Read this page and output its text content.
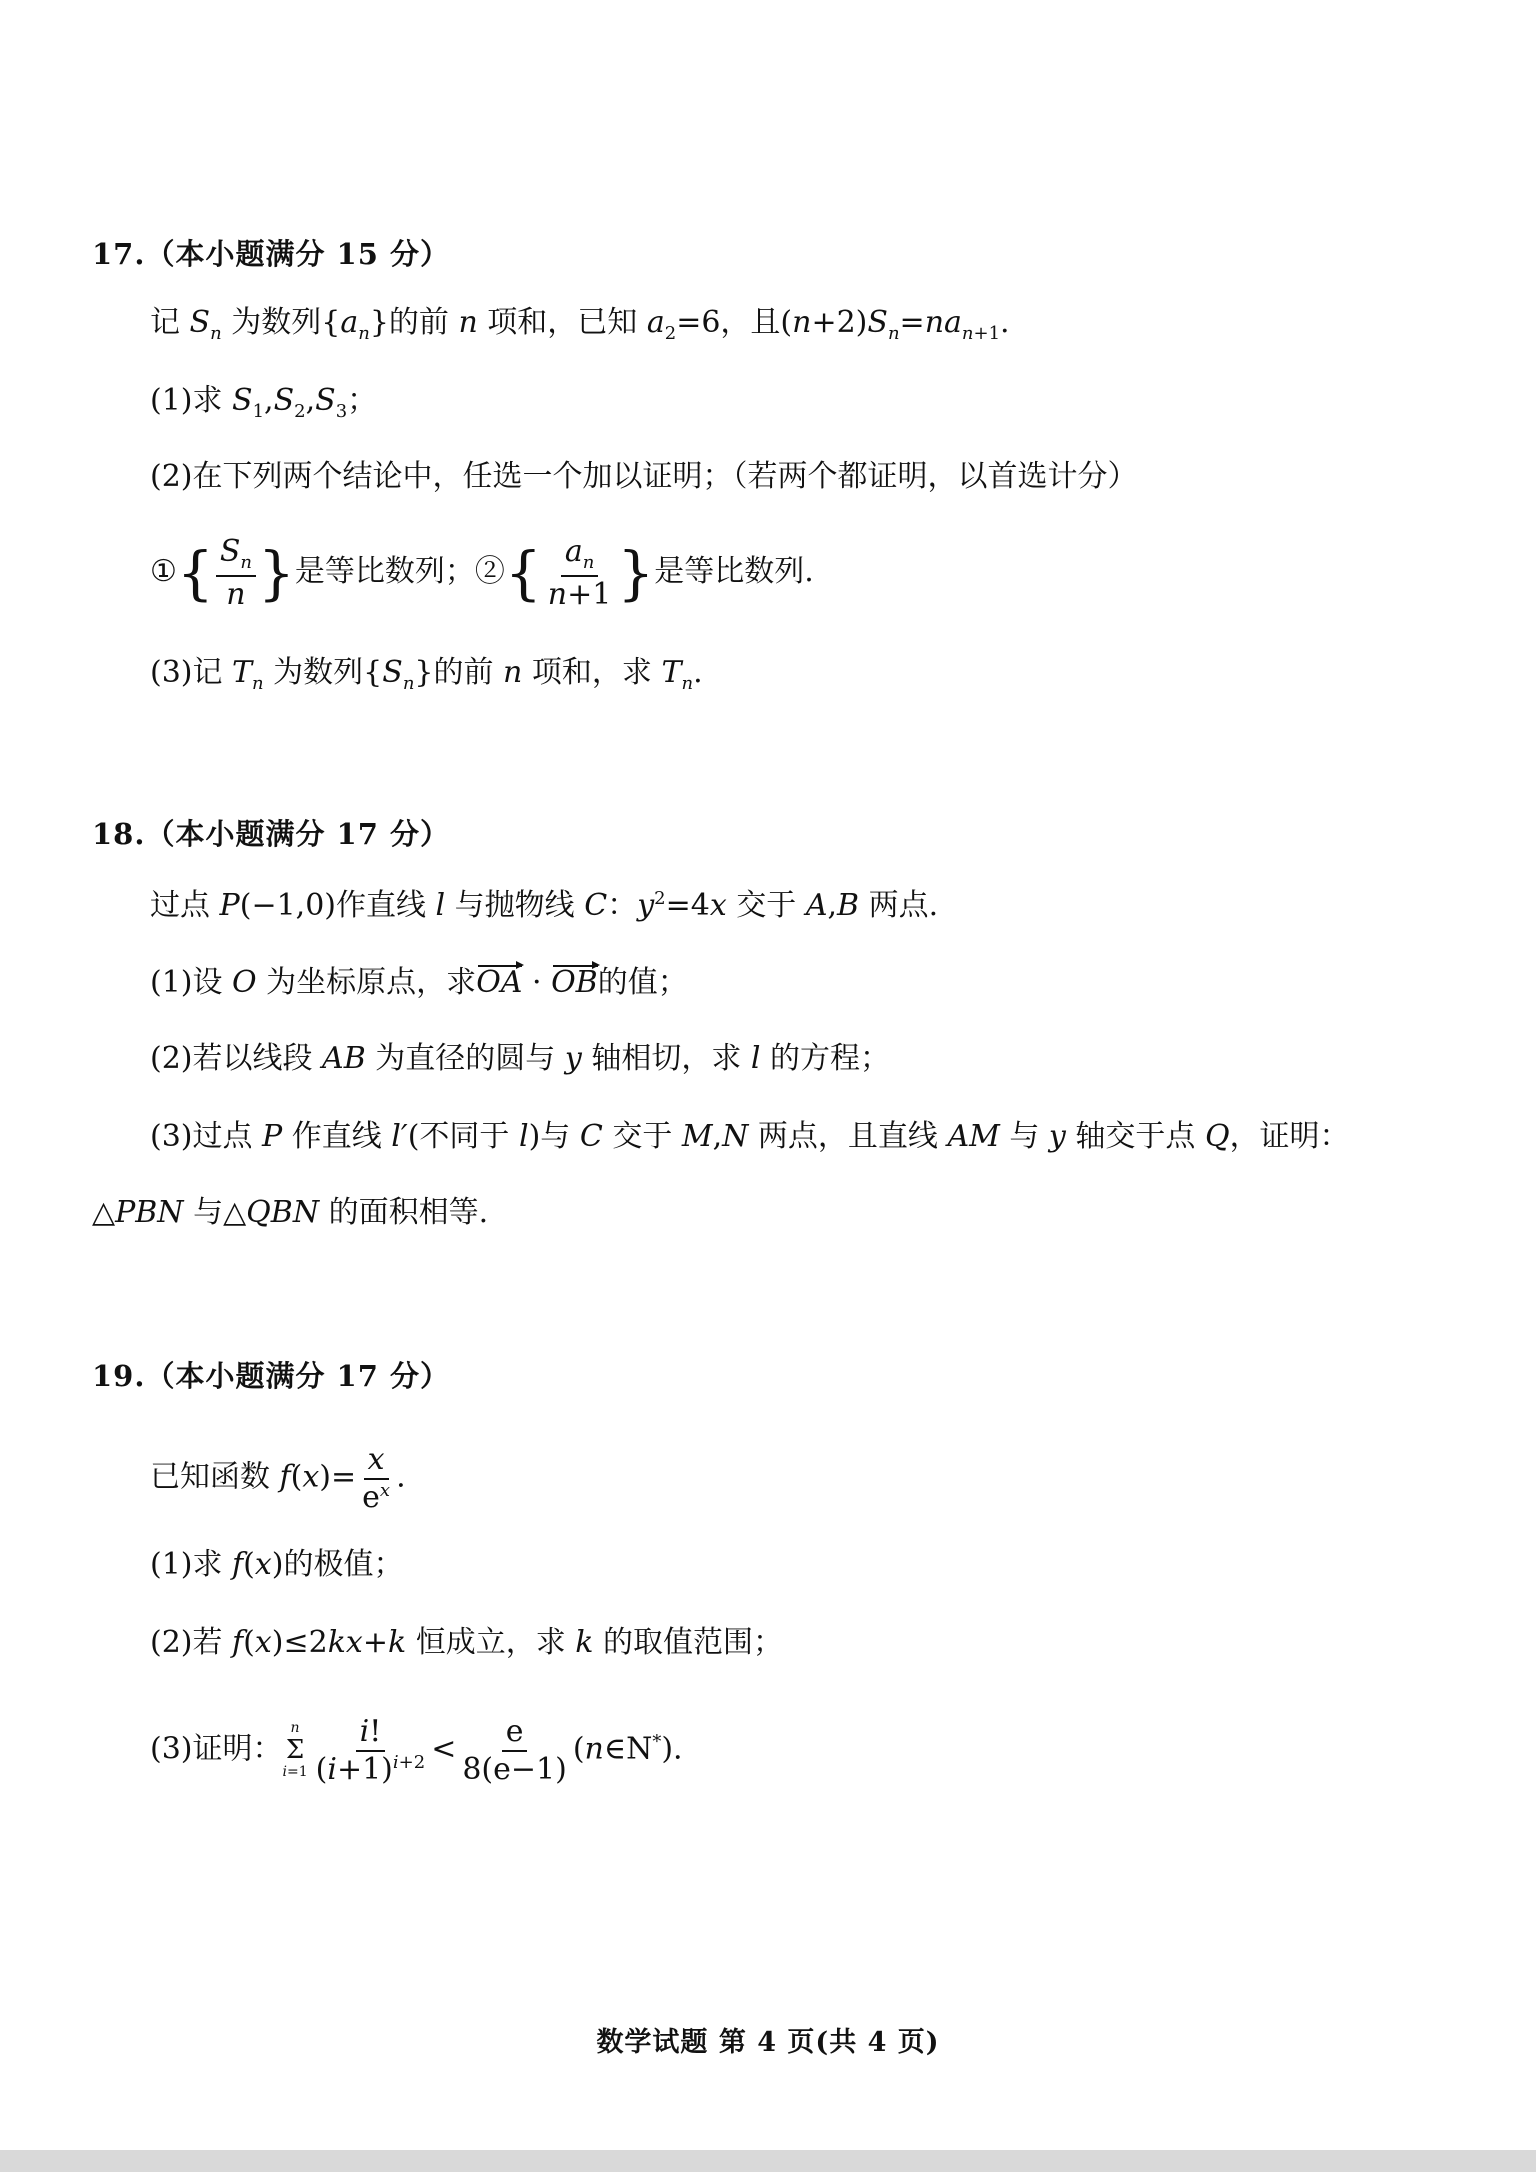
17.（本小题满分 15 分）
记 $S_n$ 为数列$\{a_n\}$的前 n 项和，已知 $a_2=6$，且$(n+2)S_n=na_{n+1}$.
(1)求 $S_1,S_2,S_3$；
(2)在下列两个结论中，任选一个加以证明；（若两个都证明，以首选计分）
①{ $\frac{S_n}{n}$ }是等比数列；②{ $\frac{a_n}{n+1}$ }是等比数列.
(3)记 $T_n$ 为数列$\{S_n\}$的前 n 项和，求 $T_n$.
18.（本小题满分 17 分）
过点 P(−1,0)作直线 l 与抛物线 C：$y^2=4x$ 交于 A,B 两点.
(1)设 O 为坐标原点，求OA · OB的值；
(2)若以线段 AB 为直径的圆与 y 轴相切，求 l 的方程；
(3)过点 P 作直线 l′(不同于 l)与 C 交于 M,N 两点，且直线 AM 与 y 轴交于点 Q，证明：
△PBN 与△QBN 的面积相等.
19.（本小题满分 17 分）
已知函数 $f(x)= \frac{x}{e^x}$ .
(1)求 f(x)的极值；
(2)若 f(x)≤2kx+k 恒成立，求 k 的取值范围；
(3)证明：
n
Σ
$i=1 \frac{i!}{(i+1)^{i+2}} < \frac{e}{8(e-1)}$ (n∈N*).
数学试题 第 4 页(共 4 页)
